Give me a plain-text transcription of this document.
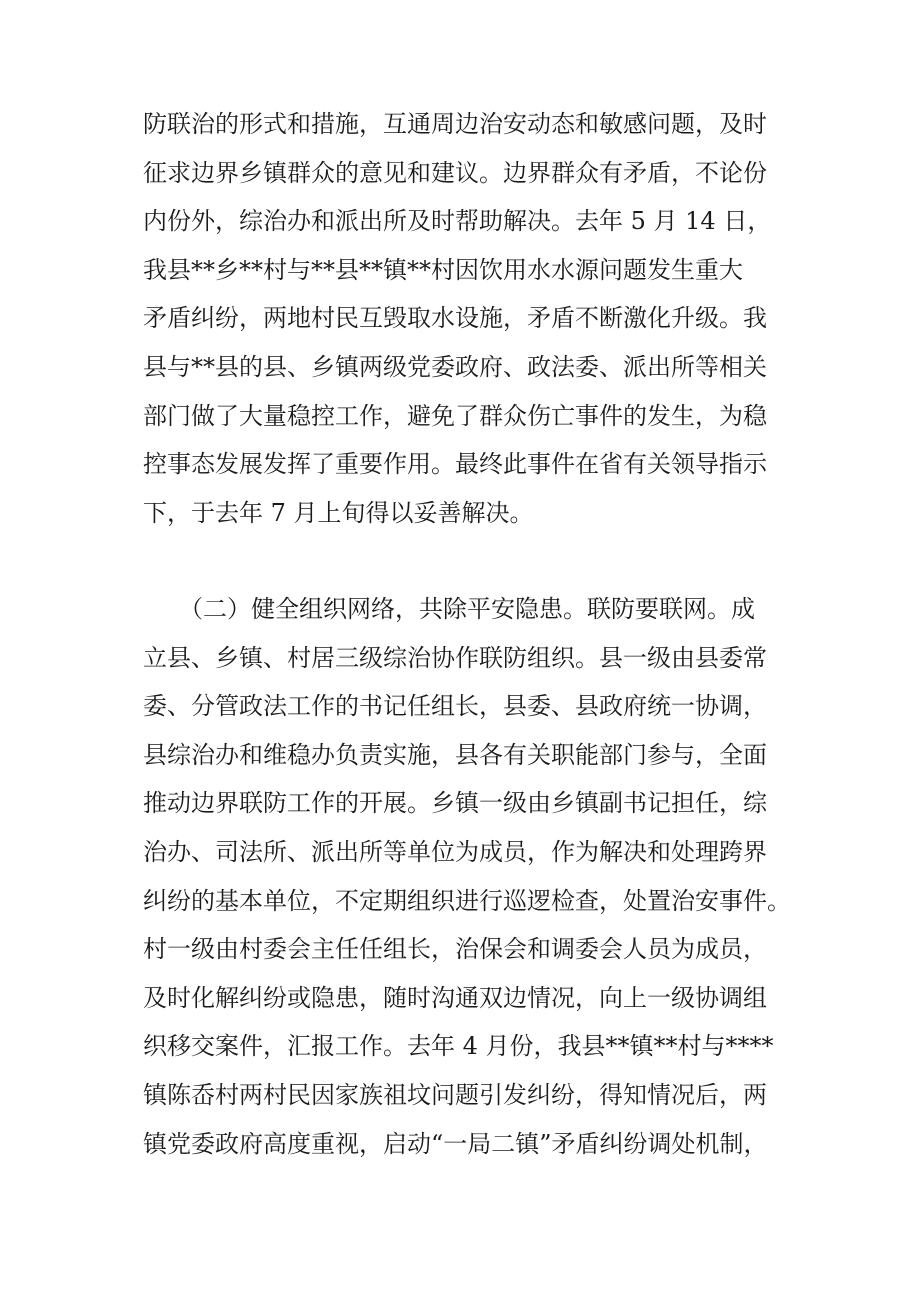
防联治的形式和措施，互通周边治安动态和敏感问题，及时
征求边界乡镇群众的意见和建议。边界群众有矛盾，不论份
内份外，综治办和派出所及时帮助解决。去年 5 月 14 日，
我县**乡**村与**县**镇**村因饮用水水源问题发生重大
矛盾纠纷，两地村民互毁取水设施，矛盾不断激化升级。我
县与**县的县、乡镇两级党委政府、政法委、派出所等相关
部门做了大量稳控工作，避免了群众伤亡事件的发生，为稳
控事态发展发挥了重要作用。最终此事件在省有关领导指示
下，于去年 7 月上旬得以妥善解决。
　　（二）健全组织网络，共除平安隐患。联防要联网。成
立县、乡镇、村居三级综治协作联防组织。县一级由县委常
委、分管政法工作的书记任组长，县委、县政府统一协调，
县综治办和维稳办负责实施，县各有关职能部门参与，全面
推动边界联防工作的开展。乡镇一级由乡镇副书记担任，综
治办、司法所、派出所等单位为成员，作为解决和处理跨界
纠纷的基本单位，不定期组织进行巡逻检查，处置治安事件。
村一级由村委会主任任组长，治保会和调委会人员为成员，
及时化解纠纷或隐患，随时沟通双边情况，向上一级协调组
织移交案件，汇报工作。去年 4 月份，我县**镇**村与****
镇陈岙村两村民因家族祖坟问题引发纠纷，得知情况后，两
镇党委政府高度重视，启动“一局二镇”矛盾纠纷调处机制，
